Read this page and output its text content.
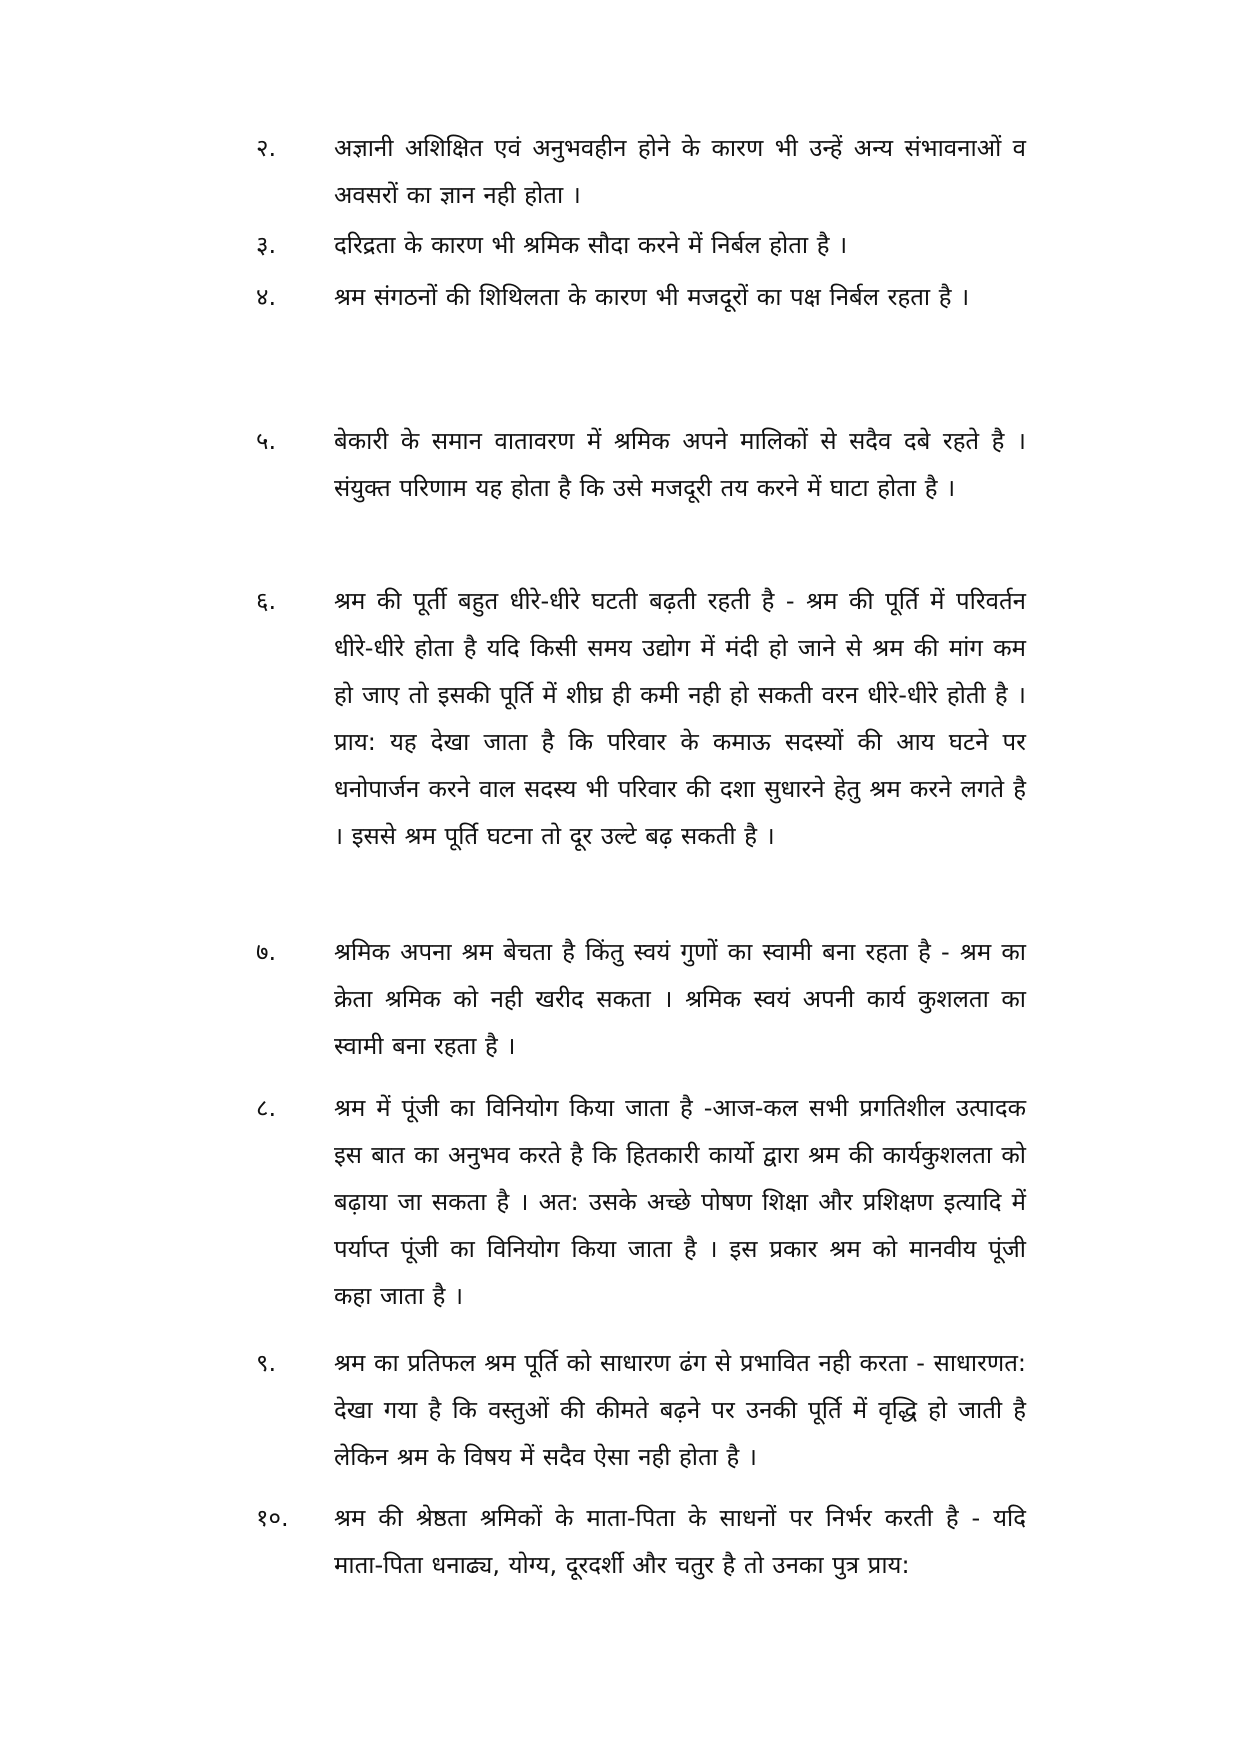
२.	अज्ञानी अशिक्षित एवं अनुभवहीन होने के कारण भी उन्हें अन्य संभावनाओं व अवसरों का ज्ञान नही होता ।
३.	दरिद्रता के कारण भी श्रमिक सौदा करने में निर्बल होता है ।
४.	श्रम संगठनों की शिथिलता के कारण भी मजदूरों का पक्ष निर्बल रहता है ।
५.	बेकारी के समान वातावरण में श्रमिक अपने मालिकों से सदैव दबे रहते है । संयुक्त परिणाम यह होता है कि उसे मजदूरी तय करने में घाटा होता है ।
६.	श्रम की पूर्ती बहुत धीरे-धीरे घटती बढ़ती रहती है - श्रम की पूर्ति में परिवर्तन धीरे-धीरे होता है यदि किसी समय उद्योग में मंदी हो जाने से श्रम की मांग कम हो जाए तो इसकी पूर्ति में शीघ्र ही कमी नही हो सकती वरन धीरे-धीरे होती है । प्राय: यह देखा जाता है कि परिवार के कमाऊ सदस्यों की आय घटने पर धनोपार्जन करने वाल सदस्य भी परिवार की दशा सुधारने हेतु श्रम करने लगते है । इससे श्रम पूर्ति घटना तो दूर उल्टे बढ़ सकती है ।
७.	श्रमिक अपना श्रम बेचता है किंतु स्वयं गुणों का स्वामी बना रहता है - श्रम का क्रेता श्रमिक को नही खरीद सकता । श्रमिक स्वयं अपनी कार्य कुशलता का स्वामी बना रहता है ।
८.	श्रम में पूंजी का विनियोग किया जाता है -आज-कल सभी प्रगतिशील उत्पादक इस बात का अनुभव करते है कि हितकारी कार्यो द्वारा श्रम की कार्यकुशलता को बढ़ाया जा सकता है । अत: उसके अच्छे पोषण शिक्षा और प्रशिक्षण इत्यादि में पर्याप्त पूंजी का विनियोग किया जाता है । इस प्रकार श्रम को मानवीय पूंजी कहा जाता है ।
९.	श्रम का प्रतिफल श्रम पूर्ति को साधारण ढंग से प्रभावित नही करता - साधारणत: देखा गया है कि वस्तुओं की कीमते बढ़ने पर उनकी पूर्ति में वृद्धि हो जाती है लेकिन श्रम के विषय में सदैव ऐसा नही होता है ।
१०.	श्रम की श्रेष्ठता श्रमिकों के माता-पिता के साधनों पर निर्भर करती है - यदि माता-पिता धनाढ्य, योग्य, दूरदर्शी और चतुर है तो उनका पुत्र प्राय:
